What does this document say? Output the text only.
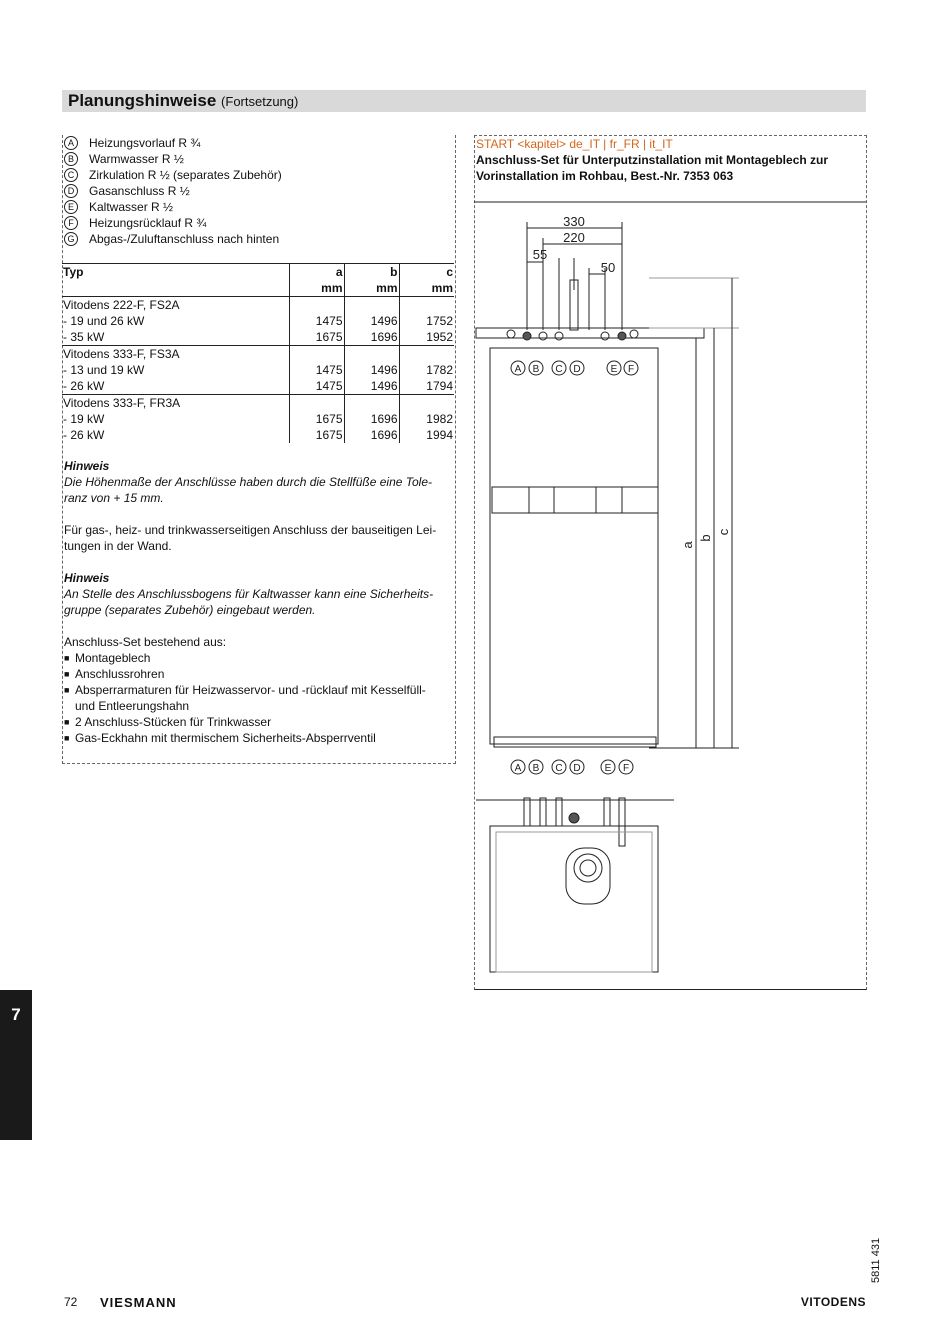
Planungshinweise (Fortsetzung)
A	Heizungsvorlauf R ¾
B	Warmwasser R ½
C	Zirkulation R ½ (separates Zubehör)
D	Gasanschluss R ½
E	Kaltwasser R ½
F	Heizungsrücklauf R ¾
G Abgas-/Zuluftanschluss nach hinten
Typ	a	b	c
	mm	mm	mm
Vitodens 222-F, FS2A			
- 19 und 26 kW	1475	1496	1752
- 35 kW	1675	1696	1952
Vitodens 333-F, FS3A			
- 13 und 19 kW	1475	1496	1782
- 26 kW	1475	1496	1794
Vitodens 333-F, FR3A			
- 19 kW	1675	1696	1982
- 26 kW	1675	1696	1994
Hinweis
Die Höhenmaße der Anschlüsse haben durch die Stellfüße eine Tole-
ranz von + 15 mm.
Für gas-, heiz- und trinkwasserseitigen Anschluss der bauseitigen Lei-
tungen in der Wand.
Hinweis
An Stelle des Anschlussbogens für Kaltwasser kann eine Sicherheits-
gruppe (separates Zubehör) eingebaut werden.
Anschluss-Set bestehend aus:
■ Montageblech
■ Anschlussrohren
■ Absperrarmaturen für Heizwasservor- und -rücklauf mit Kesselfüll-
und Entleerungshahn
■ 2 Anschluss-Stücken für Trinkwasser
■ Gas-Eckhahn mit thermischem Sicherheits-Absperrventil
START <kapitel> de_IT | fr_FR | it_IT
Anschluss-Set für Unterputzinstallation mit Montageblech zur
Vorinstallation im Rohbau, Best.-Nr. 7353 063
330
220
55
50
a
b
c
A B C D	E F
A B C D E F
7
5811 431
72 VIESMANN	VITODENS
